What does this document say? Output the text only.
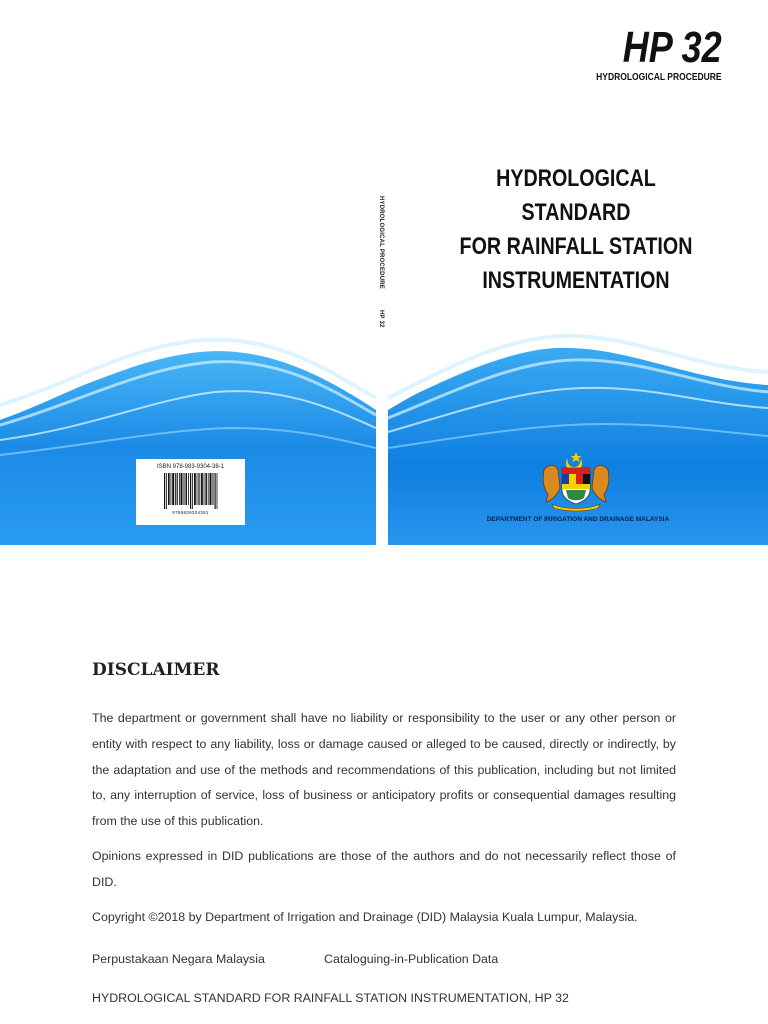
HYDROLOGICAL PROCEDURE
HP 32
ISBN 978-983-9304-38-1
9789839304381
HP 32
HYDROLOGICAL PROCEDURE
HYDROLOGICAL STANDARD
FOR RAINFALL STATION
INSTRUMENTATION
DEPARTMENT OF IRRIGATION AND DRAINAGE MALAYSIA
DISCLAIMER

The department or government shall have no liability or responsibility to the user or any other person or entity with respect to any liability, loss or damage caused or alleged to be caused, directly or indirectly, by the adaptation and use of the methods and recommendations of this publication, including but not limited to, any interruption of service, loss of business or anticipatory profits or consequential damages resulting from the use of this publication.

Opinions expressed in DID publications are those of the authors and do not necessarily reflect those of DID.

Copyright ©2018 by Department of Irrigation and Drainage (DID) Malaysia Kuala Lumpur, Malaysia.

Perpustakaan Negara Malaysia	Cataloguing-in-Publication Data
HYDROLOGICAL STANDARD FOR RAINFALL STATION INSTRUMENTATION, HP 32
